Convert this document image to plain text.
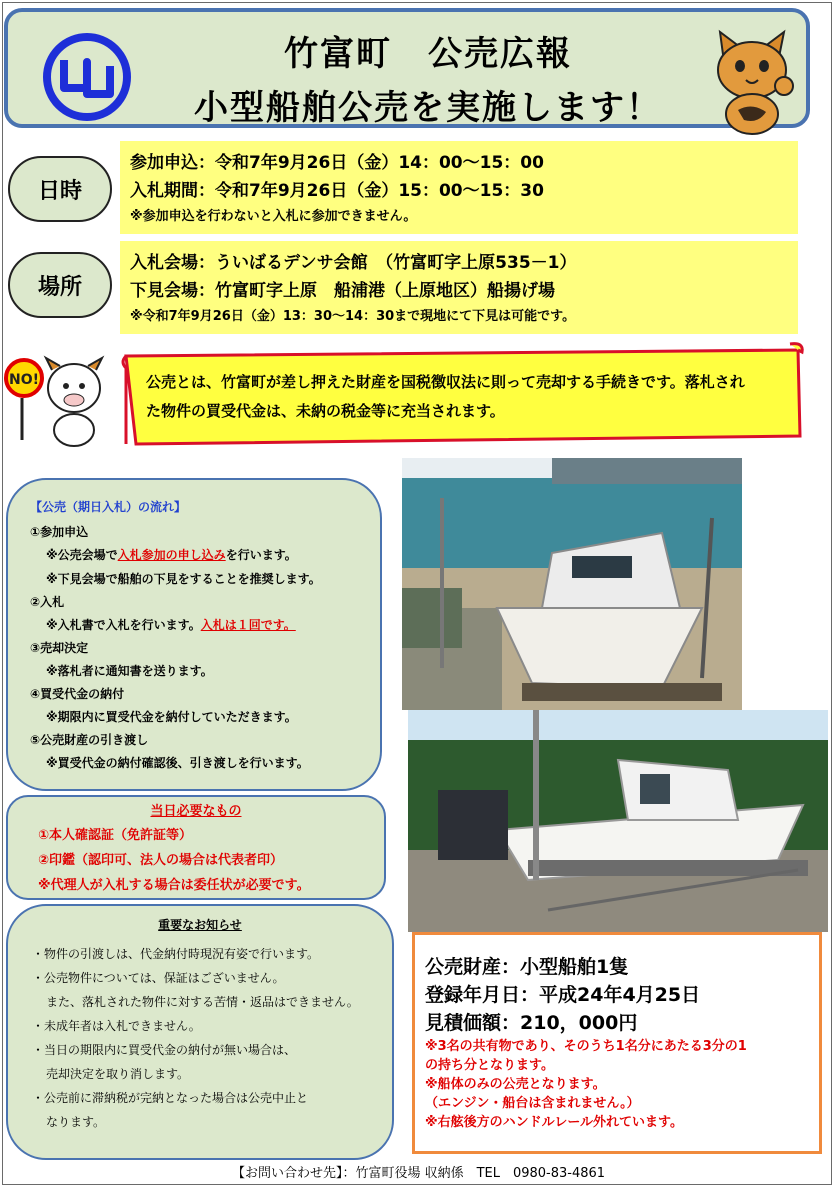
竹富町　公売広報
小型船舶公売を実施します！
日時
参加申込：令和7年9月26日（金）14：00～15：00
入札期間：令和7年9月26日（金）15：00～15：30
※参加申込を行わないと入札に参加できません。
場所
入札会場：ういばるデンサ会館　（竹富町字上原535－1）
下見会場：竹富町字上原　船浦港（上原地区）船揚げ場
※令和7年9月26日（金）13：30～14：30まで現地にて下見は可能です。
NO!	公売とは、竹富町が差し押えた財産を国税徴収法に則って売却する手続きです。落札され
た物件の買受代金は、未納の税金等に充当されます。
【公売（期日入札）の流れ】
①参加申込
※公売会場で入札参加の申し込みを行います。
※下見会場で船舶の下見をすることを推奨します。
②入札
※入札書で入札を行います。入札は１回です。
③売却決定
※落札者に通知書を送ります。
④買受代金の納付
※期限内に買受代金を納付していただきます。
⑤公売財産の引き渡し
※買受代金の納付確認後、引き渡しを行います。
当日必要なもの
①本人確認証（免許証等）
②印鑑（認印可、法人の場合は代表者印）
※代理人が入札する場合は委任状が必要です。
重要なお知らせ
・物件の引渡しは、代金納付時現況有姿で行います。
・公売物件については、保証はございません。
また、落札された物件に対する苦情・返品はできません。
・未成年者は入札できません。
・当日の期限内に買受代金の納付が無い場合は、
売却決定を取り消します。
・公売前に滞納税が完納となった場合は公売中止と
なります。
公売財産：小型船舶1隻
登録年月日：平成24年4月25日
見積価額：210，000円
※3名の共有物であり、そのうち1名分にあたる3分の1
の持ち分となります。
※船体のみの公売となります。
（エンジン・船台は含まれません。）
※右舷後方のハンドルレール外れています。
【お問い合わせ先】：竹富町役場 収納係　TEL　0980-83-4861
